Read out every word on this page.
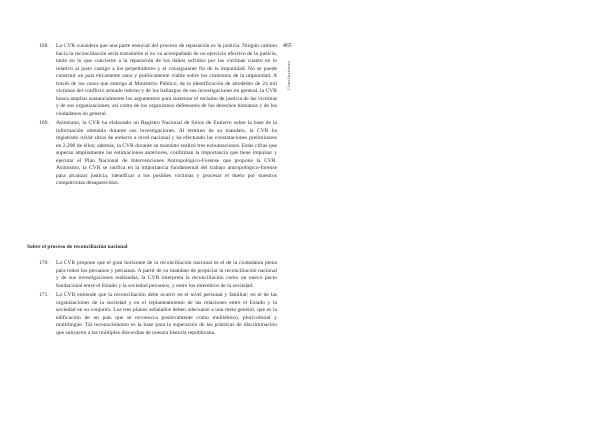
465
Conclusiones
168.	La CVR considera que una parte esencial del proceso de reparación es la justicia. Ningún camino hacia la reconciliación sería transitable si no va acompañado de un ejercicio efectivo de la justicia, tanto en lo que concierne a la reparación de los daños sufridos por las víctimas cuanto en lo relativo al justo castigo a los perpetradores y el consiguiente fin de la impunidad. No se puede construir un país éticamente sano y políticamente viable sobre los cimientos de la impunidad. A través de los casos que entrega al Ministerio Público, de la identificación de alrededor de 24 mil víctimas del conflicto armado interno y de los hallazgos de sus investigaciones en general, la CVR busca ampliar sustancialmente los argumentos para sustentar el reclamo de justicia de las víctimas y de sus organizaciones, así como de los organismos defensores de los derechos humanos y de los ciudadanos en general.
169.	Asimismo, la CVR ha elaborado un Registro Nacional de Sitios de Entierro sobre la base de la información obtenida durante sus investigaciones. Al término de su mandato, la CVR ha registrado 4,644 sitios de entierro a nivel nacional y ha efectuado las constataciones preliminares en 2,200 de ellos; además, la CVR durante su mandato realizó tres exhumaciones. Estas cifras que superan ampliamente las estimaciones anteriores, confirman la importancia que tiene impulsar y ejecutar el Plan Nacional de Intervenciones Antropológico-Forense que propone la CVR. Asimismo, la CVR se ratifica en la importancia fundamental del trabajo antropológico-forense para alcanzar justicia, identificar a los posibles víctimas y procesar el duelo por nuestros compatriotas desaparecidos.
Sobre el proceso de reconciliación nacional
170.	La CVR propone que el gran horizonte de la reconciliación nacional es el de la ciudadanía plena para todos los peruanos y peruanas. A partir de su mandato de propiciar la reconciliación nacional y de sus investigaciones realizadas, la CVR interpreta la reconciliación como un nuevo pacto fundacional entre el Estado y la sociedad peruanos, y entre los miembros de la sociedad.
171.	La CVR entiende que la reconciliación debe ocurrir en el nivel personal y familiar; en el de las organizaciones de la sociedad y en el replanteamiento de las relaciones entre el Estado y la sociedad en su conjunto. Los tres planos señalados deben adecuarse a una meta general, que es la edificación de un país que se reconozca positivamente como multiétnico, pluricultural y multilingüe. Tal reconocimiento es la base para la superación de las prácticas de discriminación que subyacen a las múltiples discordias de nuestra historia republicana.
